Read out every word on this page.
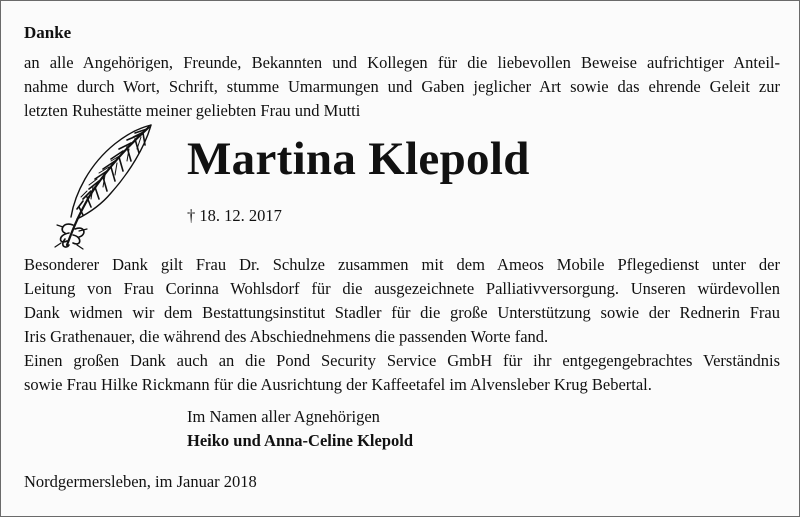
Danke

an alle Angehörigen, Freunde, Bekannten und Kollegen für die liebevollen Beweise aufrichtiger Anteil-
nahme durch Wort, Schrift, stumme Umarmungen und Gaben jeglicher Art sowie das ehrende Geleit zur
letzten Ruhestätte meiner geliebten Frau und Mutti

Martina Klepold
† 18. 12. 2017

Besonderer Dank gilt Frau Dr. Schulze zusammen mit dem Ameos Mobile Pflegedienst unter der
Leitung von Frau Corinna Wohlsdorf für die ausgezeichnete Palliativversorgung. Unseren würdevollen
Dank widmen wir dem Bestattungsinstitut Stadler für die große Unterstützung sowie der Rednerin Frau
Iris Grathenauer, die während des Abschiednehmens die passenden Worte fand.
Einen großen Dank auch an die Pond Security Service GmbH für ihr entgegengebrachtes Verständnis
sowie Frau Hilke Rickmann für die Ausrichtung der Kaffeetafel im Alvensleber Krug Bebertal.

Im Namen aller Agnehörigen
Heiko und Anna-Celine Klepold
Nordgermersleben, im Januar 2018
